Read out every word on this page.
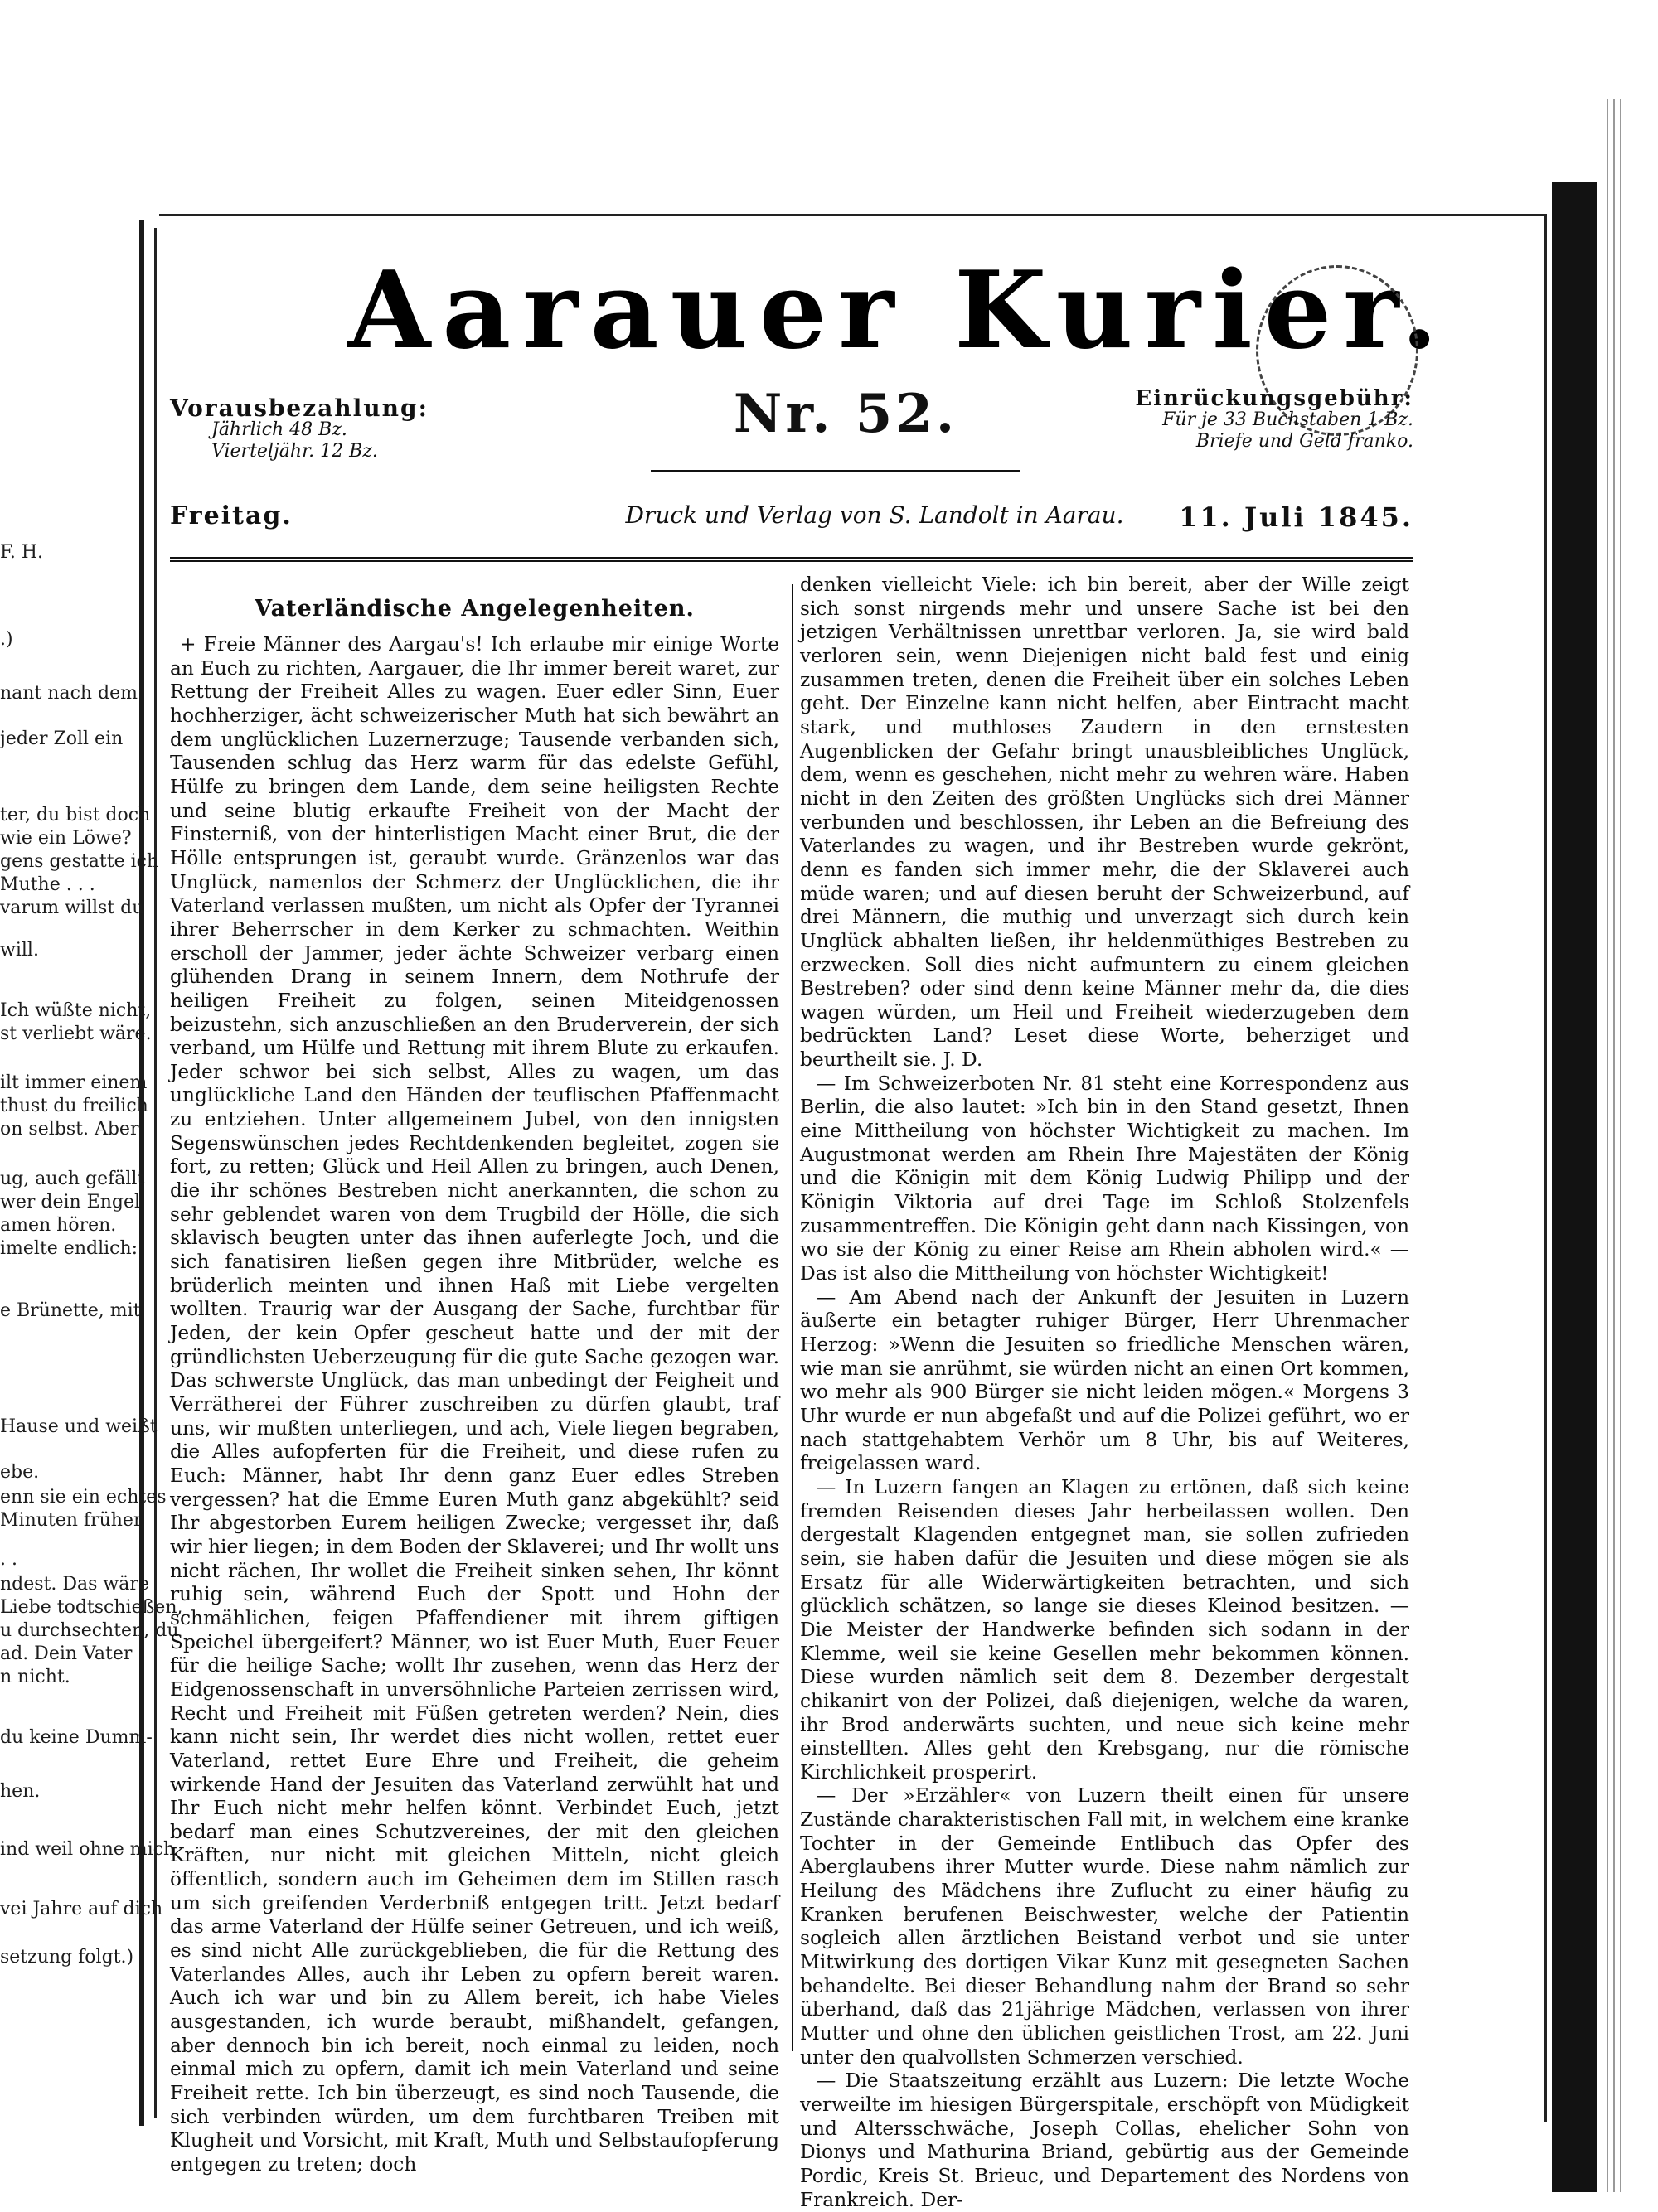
F. H.
.)
nant nach dem
jeder Zoll ein
ter, du bist doch
wie ein Löwe?
gens gestatte ich
Muthe . . .
varum willst du
will.
Ich wüßte nicht,
st verliebt wäre.
ilt immer einem
thust du freilich
on selbst. Aber
ug, auch gefällt
wer dein Engel
amen hören.
imelte endlich:
e Brünette, mit
Hause und weißt
ebe.
enn sie ein echtes
Minuten früher,
. .
ndest. Das wäre
Liebe todtschießen,
u durchsechten, du
ad. Dein Vater
n nicht.
du keine Dumm-
hen.
ind weil ohne mich
vei Jahre auf dich
setzung folgt.)
Aarauer Kurier.
Vorausbezahlung:
Jährlich 48 Bz.
Vierteljähr. 12 Bz.
Nr. 52.	Einrückungsgebühr:
Für je 33 Buchstaben 1 Bz.
Briefe und Geld franko.
Freitag.	Druck und Verlag von S. Landolt in Aarau.	11. Juli 1845.
Vaterländische Angelegenheiten.

+ Freie Männer des Aargau's! Ich erlaube mir einige Worte an Euch zu richten, Aargauer, die Ihr immer bereit waret, zur Rettung der Freiheit Alles zu wagen. Euer edler Sinn, Euer hochherziger, ächt schweizerischer Muth hat sich bewährt an dem unglücklichen Luzernerzuge; Tausende verbanden sich, Tausenden schlug das Herz warm für das edelste Gefühl, Hülfe zu bringen dem Lande, dem seine heiligsten Rechte und seine blutig erkaufte Freiheit von der Macht der Finsterniß, von der hinterlistigen Macht einer Brut, die der Hölle entsprungen ist, geraubt wurde. Gränzenlos war das Unglück, namenlos der Schmerz der Unglücklichen, die ihr Vaterland verlassen mußten, um nicht als Opfer der Tyrannei ihrer Beherrscher in dem Kerker zu schmachten. Weithin erscholl der Jammer, jeder ächte Schweizer verbarg einen glühenden Drang in seinem Innern, dem Nothrufe der heiligen Freiheit zu folgen, seinen Miteidgenossen beizustehn, sich anzuschließen an den Bruderverein, der sich verband, um Hülfe und Rettung mit ihrem Blute zu erkaufen. Jeder schwor bei sich selbst, Alles zu wagen, um das unglückliche Land den Händen der teuflischen Pfaffenmacht zu entziehen. Unter allgemeinem Jubel, von den innigsten Segenswünschen jedes Rechtdenkenden begleitet, zogen sie fort, zu retten; Glück und Heil Allen zu bringen, auch Denen, die ihr schönes Bestreben nicht anerkannten, die schon zu sehr geblendet waren von dem Trugbild der Hölle, die sich sklavisch beugten unter das ihnen auferlegte Joch, und die sich fanatisiren ließen gegen ihre Mitbrüder, welche es brüderlich meinten und ihnen Haß mit Liebe vergelten wollten. Traurig war der Ausgang der Sache, furchtbar für Jeden, der kein Opfer gescheut hatte und der mit der gründlichsten Ueberzeugung für die gute Sache gezogen war. Das schwerste Unglück, das man unbedingt der Feigheit und Verrätherei der Führer zuschreiben zu dürfen glaubt, traf uns, wir mußten unterliegen, und ach, Viele liegen begraben, die Alles aufopferten für die Freiheit, und diese rufen zu Euch: Männer, habt Ihr denn ganz Euer edles Streben vergessen? hat die Emme Euren Muth ganz abgekühlt? seid Ihr abgestorben Eurem heiligen Zwecke; vergesset ihr, daß wir hier liegen; in dem Boden der Sklaverei; und Ihr wollt uns nicht rächen, Ihr wollet die Freiheit sinken sehen, Ihr könnt ruhig sein, während Euch der Spott und Hohn der schmählichen, feigen Pfaffendiener mit ihrem giftigen Speichel übergeifert? Männer, wo ist Euer Muth, Euer Feuer für die heilige Sache; wollt Ihr zusehen, wenn das Herz der Eidgenossenschaft in unversöhnliche Parteien zerrissen wird, Recht und Freiheit mit Füßen getreten werden? Nein, dies kann nicht sein, Ihr werdet dies nicht wollen, rettet euer Vaterland, rettet Eure Ehre und Freiheit, die geheim wirkende Hand der Jesuiten das Vaterland zerwühlt hat und Ihr Euch nicht mehr helfen könnt. Verbindet Euch, jetzt bedarf man eines Schutzvereines, der mit den gleichen Kräften, nur nicht mit gleichen Mitteln, nicht gleich öffentlich, sondern auch im Geheimen dem im Stillen rasch um sich greifenden Verderbniß entgegen tritt. Jetzt bedarf das arme Vaterland der Hülfe seiner Getreuen, und ich weiß, es sind nicht Alle zurückgeblieben, die für die Rettung des Vaterlandes Alles, auch ihr Leben zu opfern bereit waren. Auch ich war und bin zu Allem bereit, ich habe Vieles ausgestanden, ich wurde beraubt, mißhandelt, gefangen, aber dennoch bin ich bereit, noch einmal zu leiden, noch einmal mich zu opfern, damit ich mein Vaterland und seine Freiheit rette. Ich bin überzeugt, es sind noch Tausende, die sich verbinden würden, um dem furchtbaren Treiben mit Klugheit und Vorsicht, mit Kraft, Muth und Selbstaufopferung entgegen zu treten; doch

denken vielleicht Viele: ich bin bereit, aber der Wille zeigt sich sonst nirgends mehr und unsere Sache ist bei den jetzigen Verhältnissen unrettbar verloren. Ja, sie wird bald verloren sein, wenn Diejenigen nicht bald fest und einig zusammen treten, denen die Freiheit über ein solches Leben geht. Der Einzelne kann nicht helfen, aber Eintracht macht stark, und muthloses Zaudern in den ernstesten Augenblicken der Gefahr bringt unausbleibliches Unglück, dem, wenn es geschehen, nicht mehr zu wehren wäre. Haben nicht in den Zeiten des größten Unglücks sich drei Männer verbunden und beschlossen, ihr Leben an die Befreiung des Vaterlandes zu wagen, und ihr Bestreben wurde gekrönt, denn es fanden sich immer mehr, die der Sklaverei auch müde waren; und auf diesen beruht der Schweizerbund, auf drei Männern, die muthig und unverzagt sich durch kein Unglück abhalten ließen, ihr heldenmüthiges Bestreben zu erzwecken. Soll dies nicht aufmuntern zu einem gleichen Bestreben? oder sind denn keine Männer mehr da, die dies wagen würden, um Heil und Freiheit wiederzugeben dem bedrückten Land? Leset diese Worte, beherziget und beurtheilt sie. J. D.

— Im Schweizerboten Nr. 81 steht eine Korrespondenz aus Berlin, die also lautet: »Ich bin in den Stand gesetzt, Ihnen eine Mittheilung von höchster Wichtigkeit zu machen. Im Augustmonat werden am Rhein Ihre Majestäten der König und die Königin mit dem König Ludwig Philipp und der Königin Viktoria auf drei Tage im Schloß Stolzenfels zusammentreffen. Die Königin geht dann nach Kissingen, von wo sie der König zu einer Reise am Rhein abholen wird.« — Das ist also die Mittheilung von höchster Wichtigkeit!

— Am Abend nach der Ankunft der Jesuiten in Luzern äußerte ein betagter ruhiger Bürger, Herr Uhrenmacher Herzog: »Wenn die Jesuiten so friedliche Menschen wären, wie man sie anrühmt, sie würden nicht an einen Ort kommen, wo mehr als 900 Bürger sie nicht leiden mögen.« Morgens 3 Uhr wurde er nun abgefaßt und auf die Polizei geführt, wo er nach stattgehabtem Verhör um 8 Uhr, bis auf Weiteres, freigelassen ward.

— In Luzern fangen an Klagen zu ertönen, daß sich keine fremden Reisenden dieses Jahr herbeilassen wollen. Den dergestalt Klagenden entgegnet man, sie sollen zufrieden sein, sie haben dafür die Jesuiten und diese mögen sie als Ersatz für alle Widerwärtigkeiten betrachten, und sich glücklich schätzen, so lange sie dieses Kleinod besitzen. — Die Meister der Handwerke befinden sich sodann in der Klemme, weil sie keine Gesellen mehr bekommen können. Diese wurden nämlich seit dem 8. Dezember dergestalt chikanirt von der Polizei, daß diejenigen, welche da waren, ihr Brod anderwärts suchten, und neue sich keine mehr einstellten. Alles geht den Krebsgang, nur die römische Kirchlichkeit prosperirt.

— Der »Erzähler« von Luzern theilt einen für unsere Zustände charakteristischen Fall mit, in welchem eine kranke Tochter in der Gemeinde Entlibuch das Opfer des Aberglaubens ihrer Mutter wurde. Diese nahm nämlich zur Heilung des Mädchens ihre Zuflucht zu einer häufig zu Kranken berufenen Beischwester, welche der Patientin sogleich allen ärztlichen Beistand verbot und sie unter Mitwirkung des dortigen Vikar Kunz mit gesegneten Sachen behandelte. Bei dieser Behandlung nahm der Brand so sehr überhand, daß das 21jährige Mädchen, verlassen von ihrer Mutter und ohne den üblichen geistlichen Trost, am 22. Juni unter den qualvollsten Schmerzen verschied.

— Die Staatszeitung erzählt aus Luzern: Die letzte Woche verweilte im hiesigen Bürgerspitale, erschöpft von Müdigkeit und Altersschwäche, Joseph Collas, ehelicher Sohn von Dionys und Mathurina Briand, gebürtig aus der Gemeinde Pordic, Kreis St. Brieuc, und Departement des Nordens von Frankreich. Der-
